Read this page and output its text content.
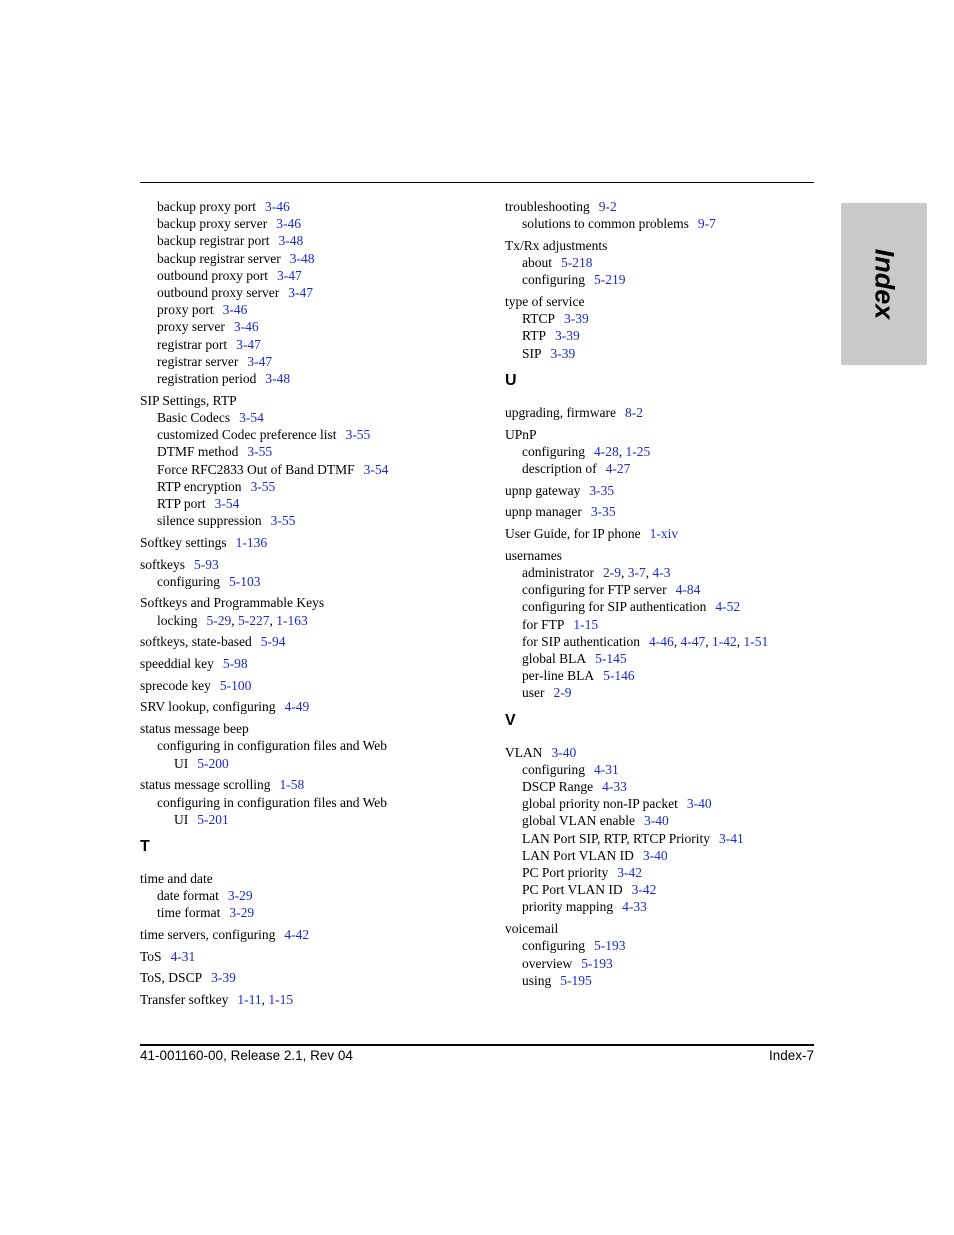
Index
backup proxy port 3-46
backup proxy server 3-46
backup registrar port 3-48
backup registrar server 3-48
outbound proxy port 3-47
outbound proxy server 3-47
proxy port 3-46
proxy server 3-46
registrar port 3-47
registrar server 3-47
registration period 3-48
SIP Settings, RTP
Basic Codecs 3-54
customized Codec preference list 3-55
DTMF method 3-55
Force RFC2833 Out of Band DTMF 3-54
RTP encryption 3-55
RTP port 3-54
silence suppression 3-55
Softkey settings 1-136
softkeys 5-93
configuring 5-103
Softkeys and Programmable Keys
locking 5-29, 5-227, 1-163
softkeys, state-based 5-94
speeddial key 5-98
sprecode key 5-100
SRV lookup, configuring 4-49
status message beep
configuring in configuration files and Web
UI 5-200
status message scrolling 1-58
configuring in configuration files and Web
UI 5-201
T
time and date
date format 3-29
time format 3-29
time servers, configuring 4-42
ToS 4-31
ToS, DSCP 3-39
Transfer softkey 1-11, 1-15
troubleshooting 9-2
solutions to common problems 9-7
Tx/Rx adjustments
about 5-218
configuring 5-219
type of service
RTCP 3-39
RTP 3-39
SIP 3-39
U
upgrading, firmware 8-2
UPnP
configuring 4-28, 1-25
description of 4-27
upnp gateway 3-35
upnp manager 3-35
User Guide, for IP phone 1-xiv
usernames
administrator 2-9, 3-7, 4-3
configuring for FTP server 4-84
configuring for SIP authentication 4-52
for FTP 1-15
for SIP authentication 4-46, 4-47, 1-42, 1-51
global BLA 5-145
per-line BLA 5-146
user 2-9
V
VLAN 3-40
configuring 4-31
DSCP Range 4-33
global priority non-IP packet 3-40
global VLAN enable 3-40
LAN Port SIP, RTP, RTCP Priority 3-41
LAN Port VLAN ID 3-40
PC Port priority 3-42
PC Port VLAN ID 3-42
priority mapping 4-33
voicemail
configuring 5-193
overview 5-193
using 5-195
41-001160-00, Release 2.1, Rev 04	Index-7
